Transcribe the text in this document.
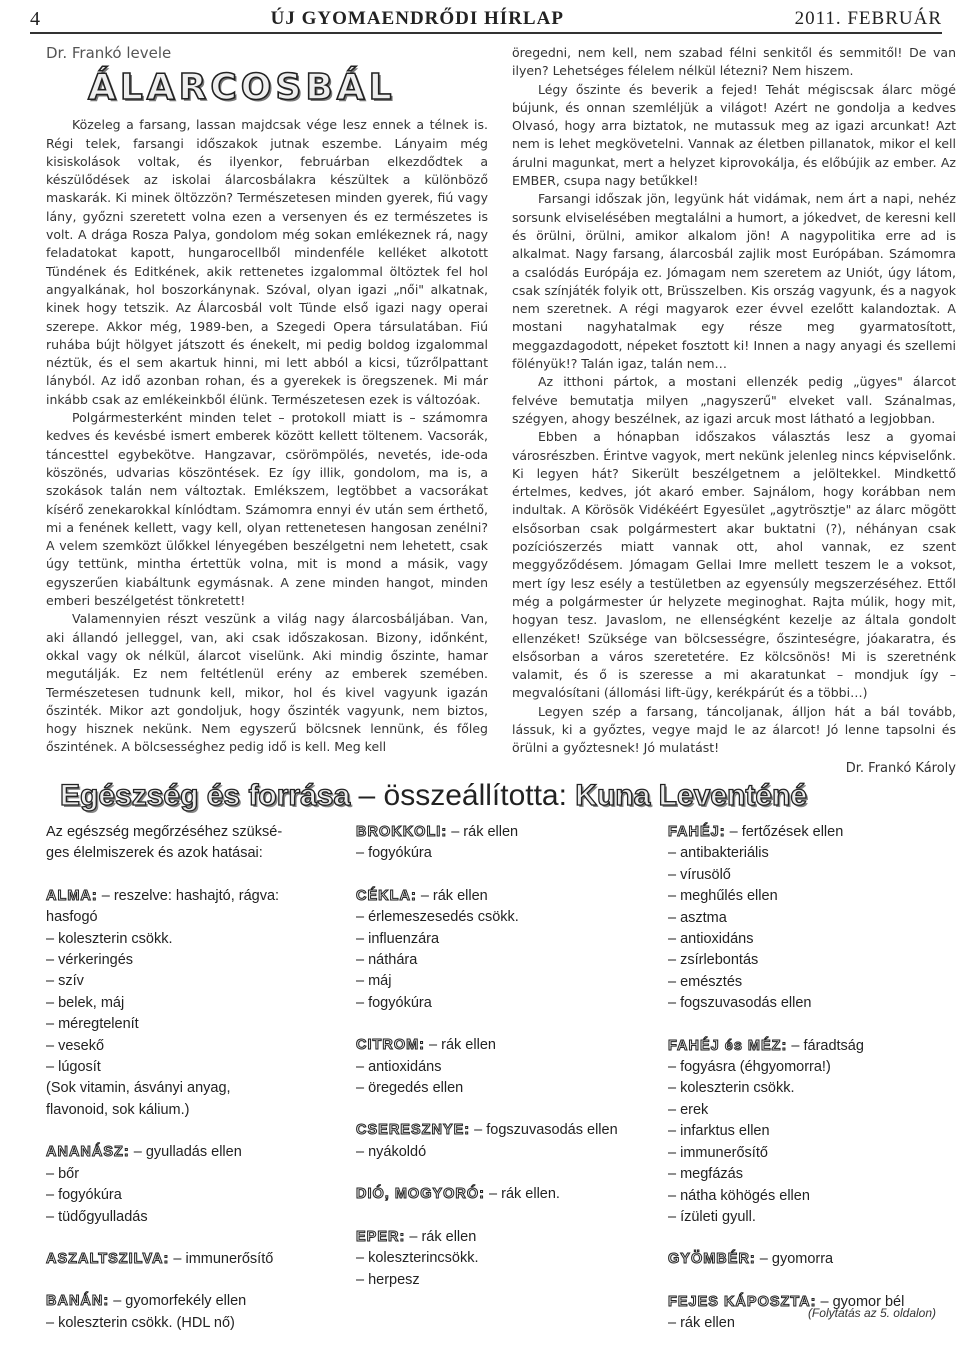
4	ÚJ GYOMAENDRŐDI HÍRLAP	2011. FEBRUÁR
Dr. Frankó levele
ÁLARCOSBÁL

Közeleg a farsang, lassan majdcsak vége lesz ennek a télnek is. Régi telek, farsangi időszakok jutnak eszembe. Lányaim még kisiskolások voltak, és ilyenkor, februárban elkezdődtek a készülődések az iskolai álarcosbálakra készültek a különböző maskarák. Ki minek öltözzön? Természetesen minden gyerek, fiú vagy lány, győzni szeretett volna ezen a versenyen és ez természetes is volt. A drága Rosza Palya, gondolom még sokan emlékeznek rá, nagy feladatokat kapott, hungarocellből mindenféle kelléket alkotott Tündének és Editkének, akik rettenetes izgalommal öltöztek fel hol angyalkának, hol boszorkánynak. Szóval, olyan igazi „női" alkatnak, kinek hogy tetszik. Az Álarcosbál volt Tünde első igazi nagy operai szerepe. Akkor még, 1989-ben, a Szegedi Opera társulatában. Fiú ruhába bújt hölgyet játszott és énekelt, mi pedig boldog izgalommal néztük, és el sem akartuk hinni, mi lett abból a kicsi, tűzrőlpattant lányból. Az idő azonban rohan, és a gyerekek is öregszenek. Mi már inkább csak az emlékeinkből élünk. Természetesen ezek is változóak.

Polgármesterként minden telet – protokoll miatt is – számomra kedves és kevésbé ismert emberek között kellett töltenem. Vacsorák, táncesttel egybekötve. Hangzavar, csörömpölés, nevetés, ide-oda köszönés, udvarias köszöntések. Ez így illik, gondolom, ma is, a szokások talán nem változtak. Emlékszem, legtöbbet a vacsorákat kísérő zenekarokkal kínlódtam. Számomra ennyi év után sem érthető, mi a fenének kellett, vagy kell, olyan rettenetesen hangosan zenélni? A velem szemközt ülőkkel lényegében beszélgetni nem lehetett, csak úgy tettünk, mintha értettük volna, mit is mond a másik, vagy egyszerűen kiabáltunk egymásnak. A zene minden hangot, minden emberi beszélgetést tönkretett!

Valamennyien részt veszünk a világ nagy álarcosbáljában. Van, aki állandó jelleggel, van, aki csak időszakosan. Bizony, időnként, okkal vagy ok nélkül, álarcot viselünk. Aki mindig őszinte, hamar megutálják. Ez nem feltétlenül erény az emberek szemében. Természetesen tudnunk kell, mikor, hol és kivel vagyunk igazán őszinték. Mikor azt gondoljuk, hogy őszinték vagyunk, nem biztos, hogy hisznek nekünk. Nem egyszerű bölcsnek lennünk, és főleg őszintének. A bölcsességhez pedig idő is kell. Meg kell

öregedni, nem kell, nem szabad félni senkitől és semmitől! De van ilyen? Lehetséges félelem nélkül létezni? Nem hiszem.

Légy őszinte és beverik a fejed! Tehát mégiscsak álarc mögé bújunk, és onnan szemléljük a világot! Azért ne gondolja a kedves Olvasó, hogy arra biztatok, ne mutassuk meg az igazi arcunkat! Azt nem is lehet megkövetelni. Vannak az életben pillanatok, mikor el kell árulni magunkat, mert a helyzet kiprovokálja, és előbújik az ember. Az EMBER, csupa nagy betűkkel!

Farsangi időszak jön, legyünk hát vidámak, nem árt a napi, nehéz sorsunk elviselésében megtalálni a humort, a jókedvet, de keresni kell és örülni, örülni, amikor alkalom jön! A nagypolitika erre ad is alkalmat. Nagy farsang, álarcosbál zajlik most Európában. Számomra a csalódás Európája ez. Jómagam nem szeretem az Uniót, úgy látom, csak színjáték folyik ott, Brüsszelben. Kis ország vagyunk, és a nagyok nem szeretnek. A régi magyarok ezer évvel ezelőtt kalandoztak. A mostani nagyhatalmak egy része meg gyarmatosított, meggazdagodott, népeket fosztott ki! Innen a nagy anyagi és szellemi fölényük!? Talán igaz, talán nem…

Az itthoni pártok, a mostani ellenzék pedig „ügyes" álarcot felvéve bemutatja milyen „nagyszerű" elveket vall. Szánalmas, szégyen, ahogy beszélnek, az igazi arcuk most látható a legjobban.

Ebben a hónapban időszakos választás lesz a gyomai városrészben. Érintve vagyok, mert nekünk jelenleg nincs képviselőnk. Ki legyen hát? Sikerült beszélgetnem a jelöltekkel. Mindkettő értelmes, kedves, jót akaró ember. Sajnálom, hogy korábban nem indultak. A Körösök Vidékéért Egyesület „agytrösztje" az álarc mögött elsősorban csak polgármestert akar buktatni (?), néhányan csak pozíciószerzés miatt vannak ott, ahol vannak, ez szent meggyőződésem. Jómagam Gellai Imre mellett teszem le a voksot, mert így lesz esély a testületben az egyensúly megszerzéséhez. Ettől még a polgármester úr helyzete meginoghat. Rajta múlik, hogy mit, hogyan tesz. Javaslom, ne ellenségként kezelje az általa gondolt ellenzéket! Szüksége van bölcsességre, őszinteségre, jóakaratra, és elsősorban a város szeretetére. Ez kölcsönös! Mi is szeretnénk valamit, és ő is szeresse a mi akaratunkat – mondjuk így – megvalósítani (állomási lift-ügy, kerékpárút és a többi…)

Legyen szép a farsang, táncoljanak, álljon hát a bál tovább, lássuk, ki a győztes, vegye majd le az álarcot! Jó lenne tapsolni és örülni a győztesnek! Jó mulatást!

Dr. Frankó Károly
Egészség és forrása – összeállította: Kuna Leventéné
Az egészség megőrzéséhez szüksé-
ges élelmiszerek és azok hatásai:
ALMA: – reszelve: hashajtó, rágva:
hasfogó
– koleszterin csökk.
– vérkeringés
– szív
– belek, máj
– méregtelenít
– vesekő
– lúgosít
(Sok vitamin, ásványi anyag,
flavonoid, sok kálium.)
ANANÁSZ: – gyulladás ellen
– bőr
– fogyókúra
– tüdőgyulladás
ASZALTSZILVA: – immunerősítő
BANÁN: – gyomorfekély ellen
– koleszterin csökk. (HDL nő)
BROKKOLI: – rák ellen
– fogyókúra
CÉKLA: – rák ellen
– érlemeszesedés csökk.
– influenzára
– náthára
– máj
– fogyókúra
CITROM: – rák ellen
– antioxidáns
– öregedés ellen
CSERESZNYE: – fogszuvasodás ellen
– nyákoldó
DIÓ, MOGYORÓ: – rák ellen.
EPER: – rák ellen
– koleszterincsökk.
– herpesz
FAHÉJ: – fertőzések ellen
– antibakteriális
– vírusölő
– meghűlés ellen
– asztma
– antioxidáns
– zsírlebontás
– emésztés
– fogszuvasodás ellen
FAHÉJ és MÉZ: – fáradtság
– fogyásra (éhgyomorra!)
– koleszterin csökk.
– erek
– infarktus ellen
– immunerősítő
– megfázás
– nátha köhögés ellen
– ízületi gyull.
GYÖMBÉR: – gyomorra
FEJES KÁPOSZTA: – gyomor bél
– rák ellen
(Folytatás az 5. oldalon)
